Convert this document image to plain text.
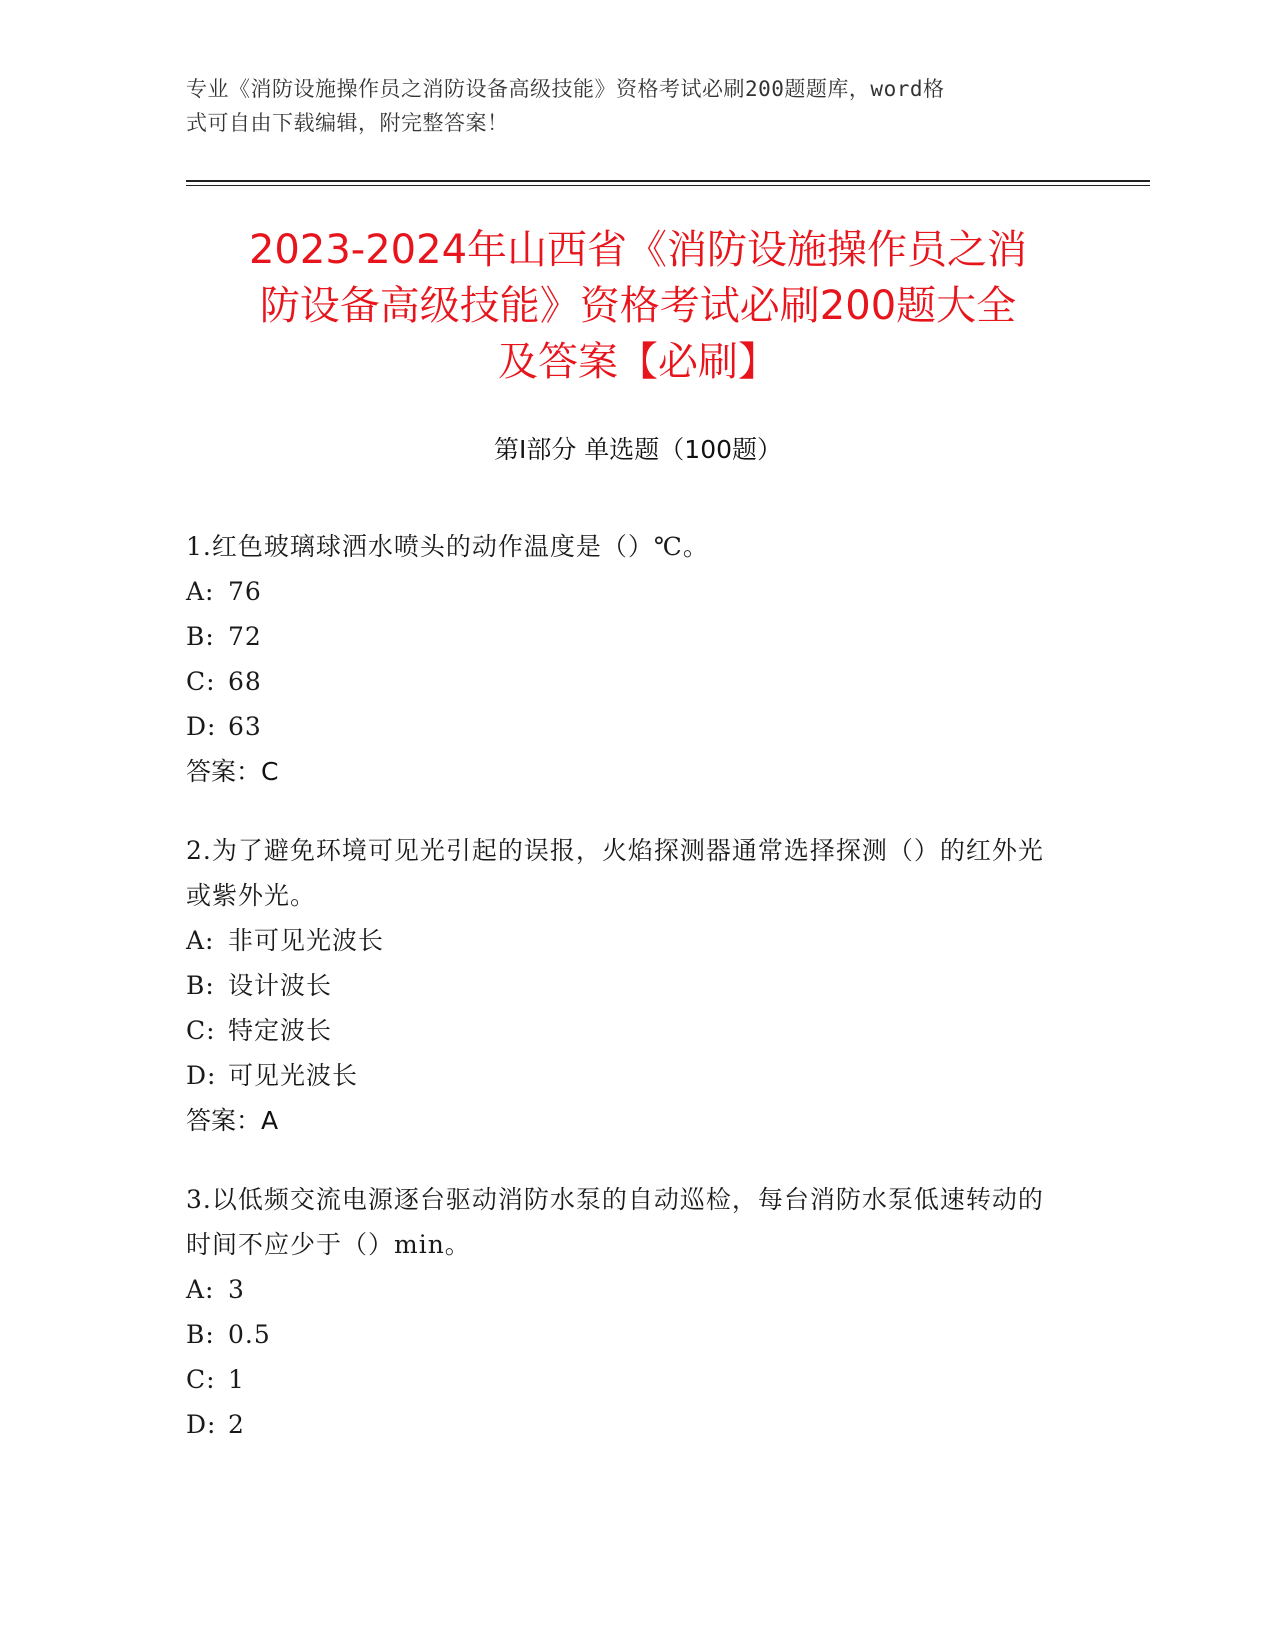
专业《消防设施操作员之消防设备高级技能》资格考试必刷200题题库，word格
式可自由下载编辑，附完整答案！
2023-2024年山西省《消防设施操作员之消
防设备高级技能》资格考试必刷200题大全
及答案【必刷】
第Ⅰ部分 单选题（100题）
1.红色玻璃球洒水喷头的动作温度是（）℃。
A: 76
B: 72
C: 68
D: 63
答案：C
2.为了避免环境可见光引起的误报，火焰探测器通常选择探测（）的红外光或紫外光。
A: 非可见光波长
B: 设计波长
C: 特定波长
D: 可见光波长
答案：A
3.以低频交流电源逐台驱动消防水泵的自动巡检，每台消防水泵低速转动的时间不应少于（）min。
A: 3
B: 0.5
C: 1
D: 2
